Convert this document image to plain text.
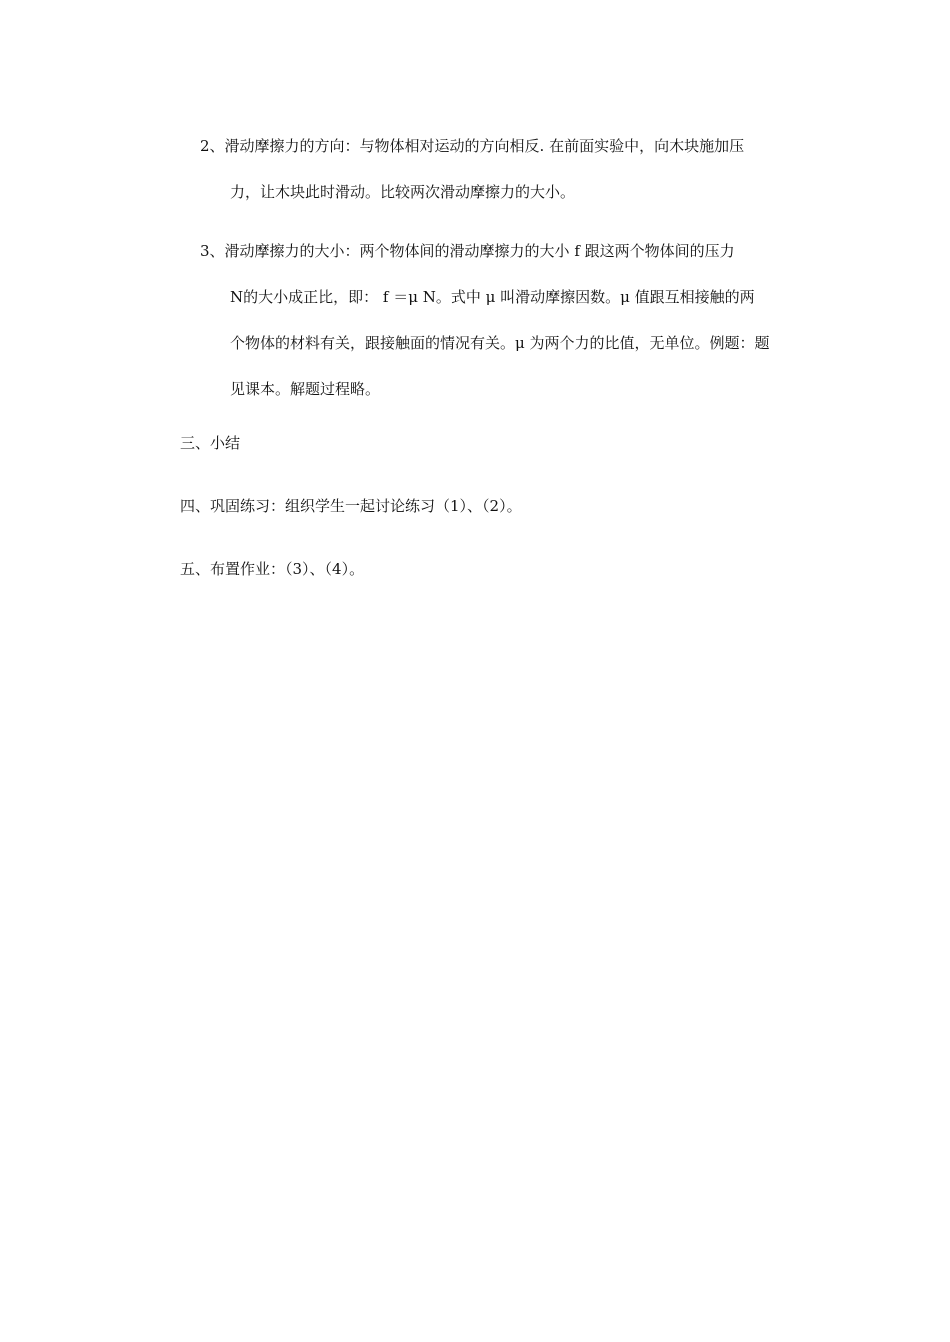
2、滑动摩擦力的方向：与物体相对运动的方向相反. 在前面实验中，向木块施加压
力，让木块此时滑动。比较两次滑动摩擦力的大小。
3、滑动摩擦力的大小：两个物体间的滑动摩擦力的大小 f 跟这两个物体间的压力
N的大小成正比，即： f ＝μ N。式中 μ 叫滑动摩擦因数。μ 值跟互相接触的两
个物体的材料有关，跟接触面的情况有关。μ 为两个力的比值，无单位。例题：题
见课本。解题过程略。
三、小结
四、巩固练习：组织学生一起讨论练习（1）、（2）。
五、布置作业：（3）、（4）。
